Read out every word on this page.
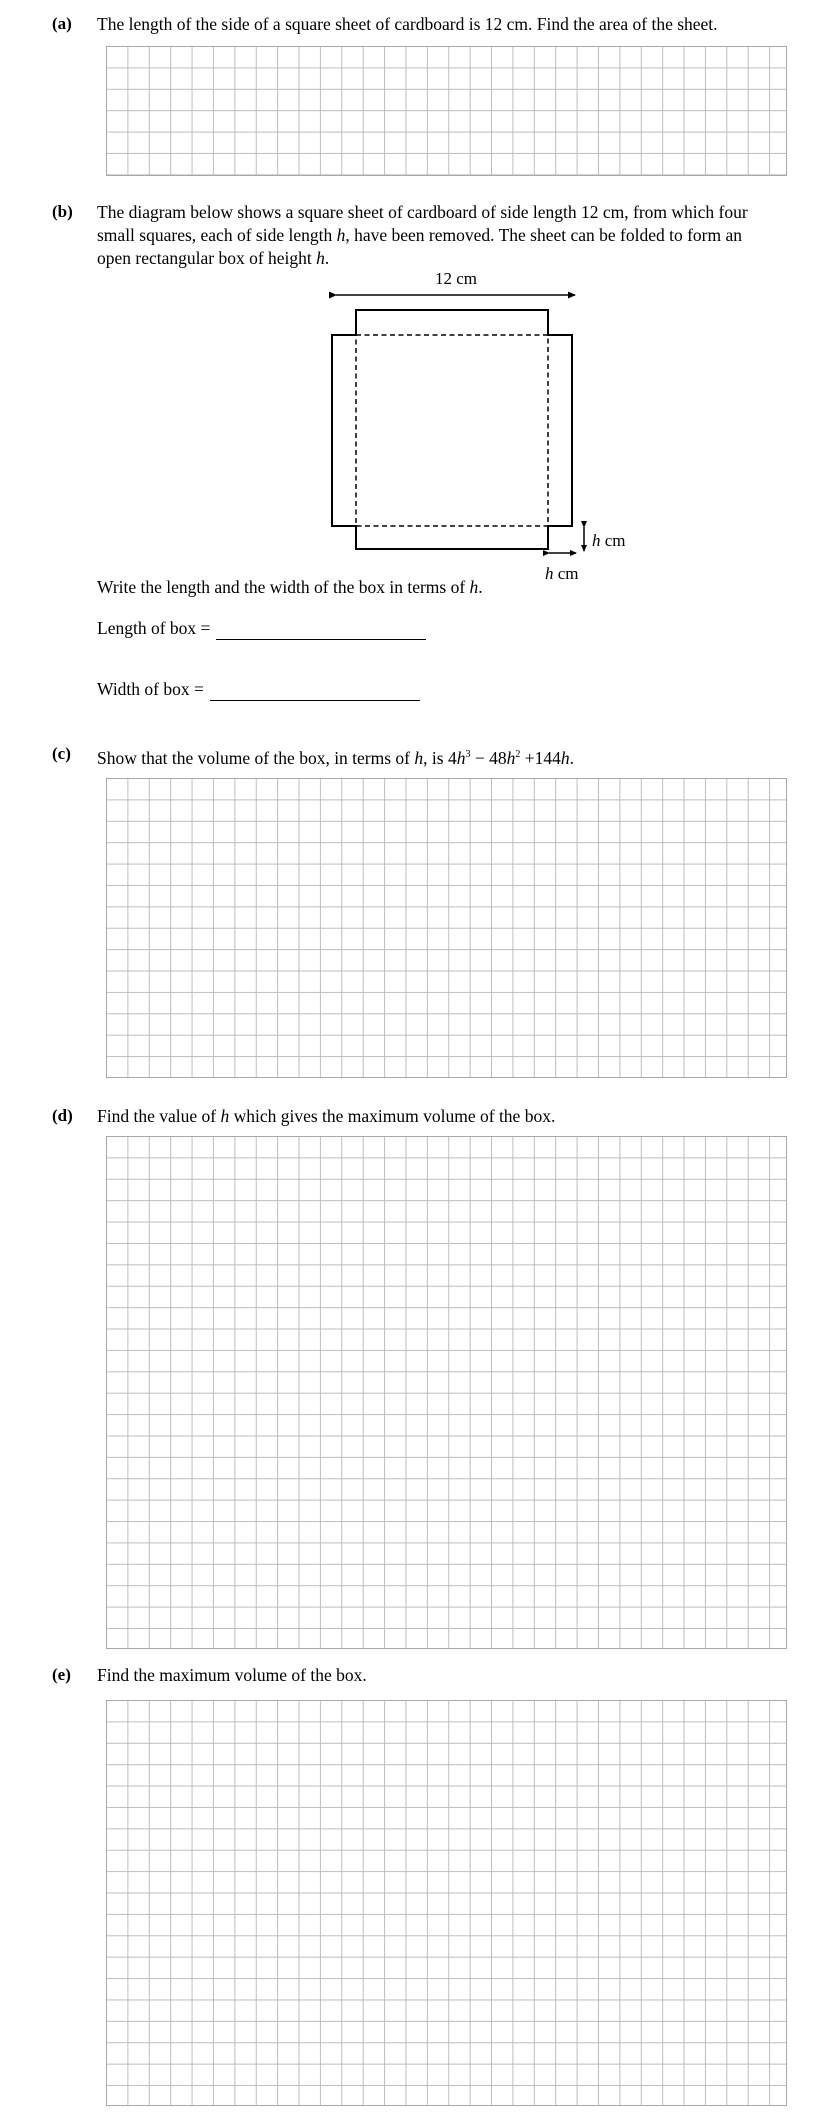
(a) The length of the side of a square sheet of cardboard is 12 cm. Find the area of the sheet.
(b) The diagram below shows a square sheet of cardboard of side length 12 cm, from which four
small squares, each of side length h, have been removed. The sheet can be folded to form an
open rectangular box of height h.
12 cm
h cm
h cm
Write the length and the width of the box in terms of h.
Length of box =
Width of box =
(c) Show that the volume of the box, in terms of h, is $4h^3 - 48h^2 +144h$.
(d) Find the value of h which gives the maximum volume of the box.
(e) Find the maximum volume of the box.
